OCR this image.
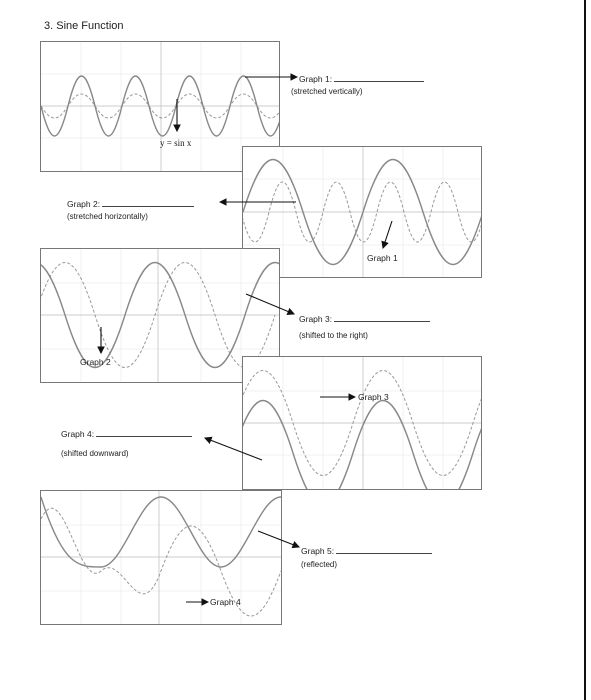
3. Sine Function
y = sin x
Graph 1:
(stretched vertically)
Graph 2:
(stretched horizontally)
Graph 3:
(shifted to the right)
Graph 4:
(shifted downward)
Graph 5:
(reflected)
Graph 1
Graph 2
Graph 3
Graph 4
